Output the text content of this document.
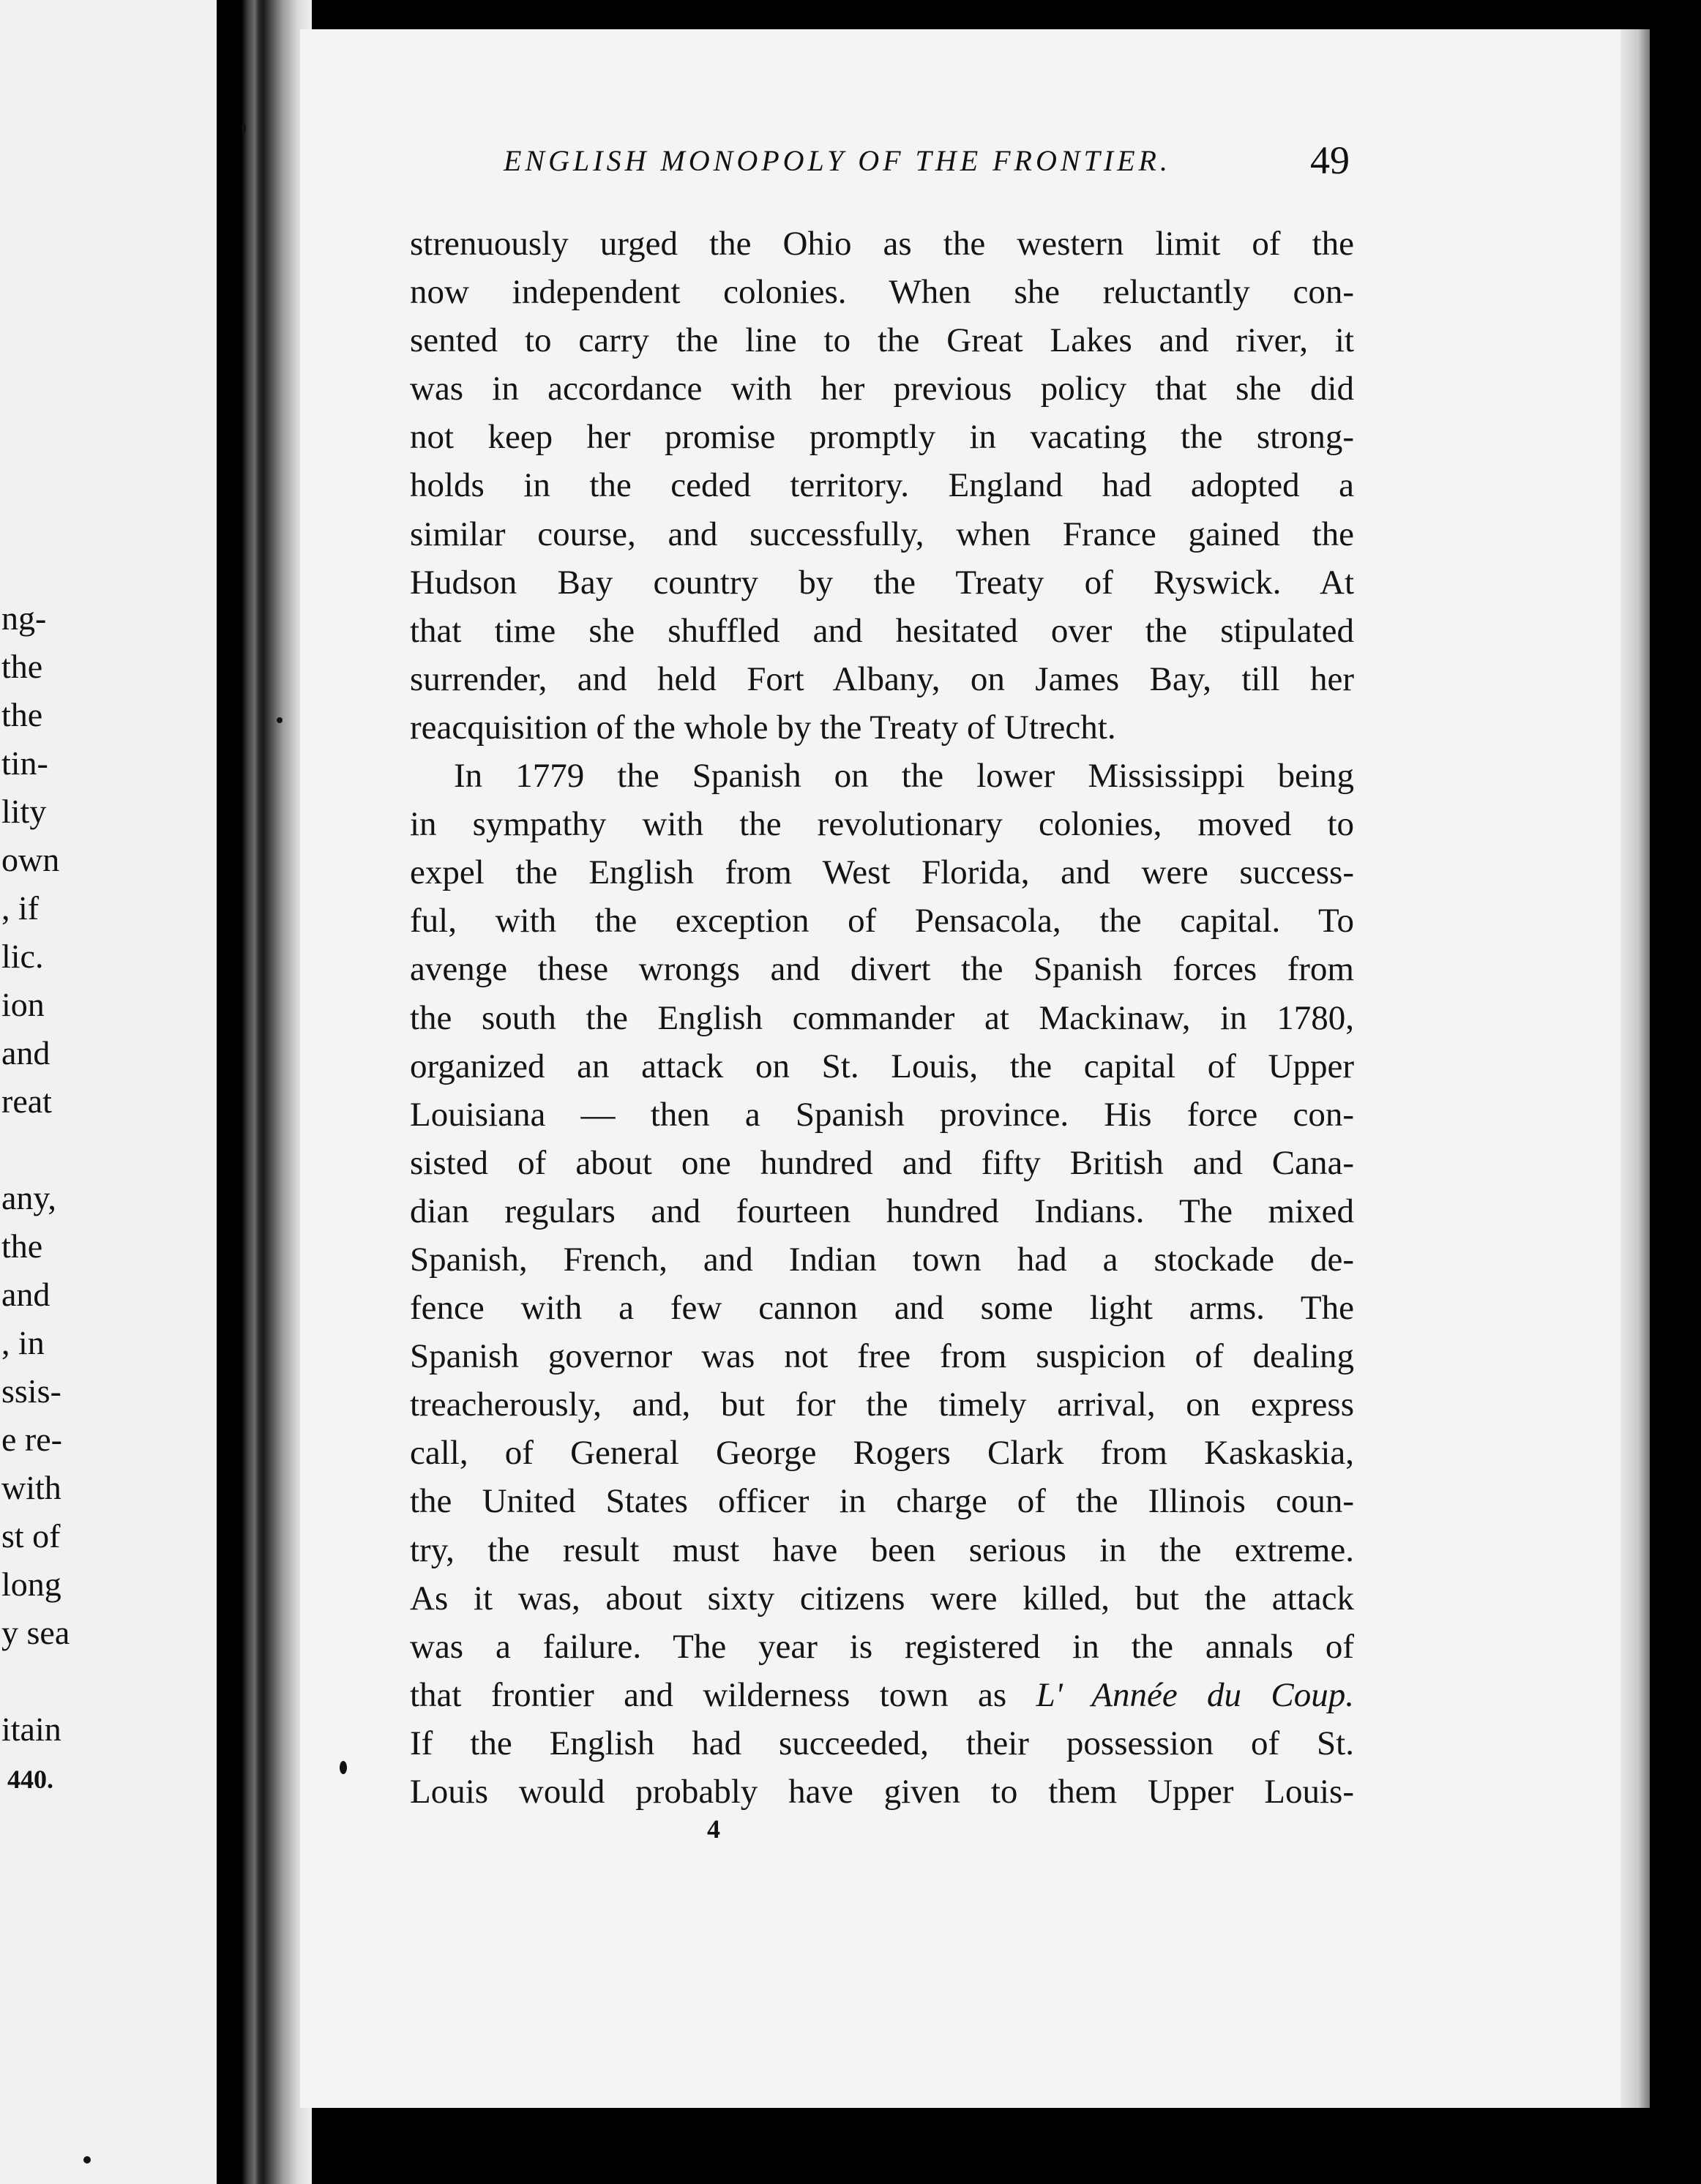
ng-
the
the
tin-
lity
own
, if
lic.
ion
and
reat
any,
the
and
, in
ssis-
e re-
with
st of
long
y sea
itain
440.
ENGLISH MONOPOLY OF THE FRONTIER.	49
strenuously urged the Ohio as the western limit of the
now independent colonies. When she reluctantly con-
sented to carry the line to the Great Lakes and river, it
was in accordance with her previous policy that she did
not keep her promise promptly in vacating the strong-
holds in the ceded territory. England had adopted a
similar course, and successfully, when France gained the
Hudson Bay country by the Treaty of Ryswick. At
that time she shuffled and hesitated over the stipulated
surrender, and held Fort Albany, on James Bay, till her
reacquisition of the whole by the Treaty of Utrecht.
In 1779 the Spanish on the lower Mississippi being
in sympathy with the revolutionary colonies, moved to
expel the English from West Florida, and were success-
ful, with the exception of Pensacola, the capital. To
avenge these wrongs and divert the Spanish forces from
the south the English commander at Mackinaw, in 1780,
organized an attack on St. Louis, the capital of Upper
Louisiana — then a Spanish province. His force con-
sisted of about one hundred and fifty British and Cana-
dian regulars and fourteen hundred Indians. The mixed
Spanish, French, and Indian town had a stockade de-
fence with a few cannon and some light arms. The
Spanish governor was not free from suspicion of dealing
treacherously, and, but for the timely arrival, on express
call, of General George Rogers Clark from Kaskaskia,
the United States officer in charge of the Illinois coun-
try, the result must have been serious in the extreme.
As it was, about sixty citizens were killed, but the attack
was a failure. The year is registered in the annals of
that frontier and wilderness town as L' Année du Coup.
If the English had succeeded, their possession of St.
Louis would probably have given to them Upper Louis-
4
